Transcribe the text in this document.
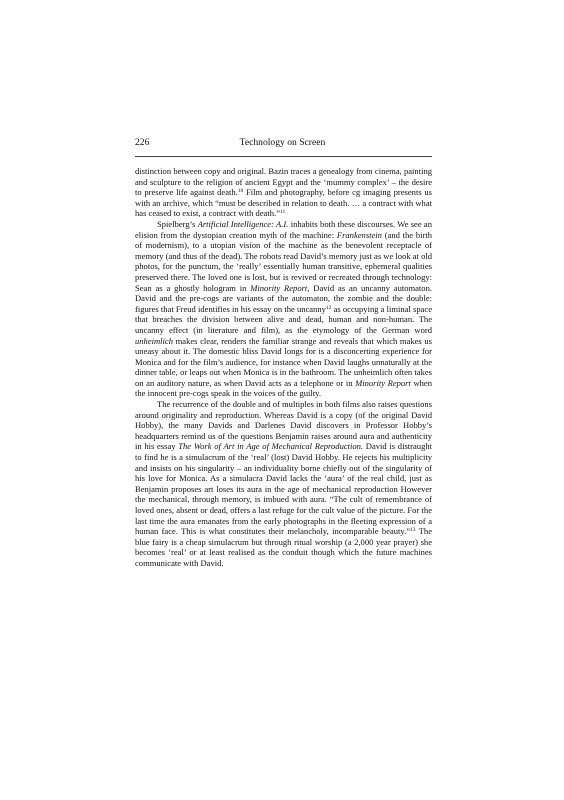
226	Technology on Screen

distinction between copy and original. Bazin traces a genealogy from cinema, painting and sculpture to the religion of ancient Egypt and the ‘mummy complex’ – the desire to preserve life against death.$^{10}$ Film and photography, before cg imaging presents us with an archive, which “must be described in relation to death. … a contract with what has ceased to exist, a contract with death.”$^{11}$

Spielberg’s Artificial Intelligence: A.I. inhabits both these discourses. We see an elision from the dystopian creation myth of the machine: Frankenstein (and the birth of modernism), to a utopian vision of the machine as the benevolent receptacle of memory (and thus of the dead). The robots read David’s memory just as we look at old photos, for the punctum, the ‘really’ essentially human transitive, ephemeral qualities preserved there. The loved one is lost, but is revived or recreated through technology: Sean as a ghostly hologram in Minority Report, David as an uncanny automaton. David and the pre-cogs are variants of the automaton, the zombie and the double: figures that Freud identifies in his essay on the uncanny$^{12}$ as occupying a liminal space that breaches the division between alive and dead, human and non-human. The uncanny effect (in literature and film), as the etymology of the German word unheimlich makes clear, renders the familiar strange and reveals that which makes us uneasy about it. The domestic bliss David longs for is a disconcerting experience for Monica and for the film’s audience, for instance when David laughs unnaturally at the dinner table, or leaps out when Monica is in the bathroom. The unheimlich often takes on an auditory nature, as when David acts as a telephone or in Minority Report when the innocent pre-cogs speak in the voices of the guilty.

The recurrence of the double and of multiples in both films also raises questions around originality and reproduction. Whereas David is a copy (of the original David Hobby), the many Davids and Darlenes David discovers in Professor Hobby’s headquarters remind us of the questions Benjamin raises around aura and authenticity in his essay The Work of Art in Age of Mechanical Reproduction. David is distraught to find he is a simulacrum of the ‘real’ (lost) David Hobby. He rejects his multiplicity and insists on his singularity – an individuality borne chiefly out of the singularity of his love for Monica. As a simulacra David lacks the ‘aura’ of the real child, just as Benjamin proposes art loses its aura in the age of mechanical reproduction However the mechanical, through memory, is imbued with aura. “The cult of remembrance of loved ones, absent or dead, offers a last refuge for the cult value of the picture. For the last time the aura emanates from the early photographs in the fleeting expression of a human face. This is what constitutes their melancholy, incomparable beauty.”$^{13}$ The blue fairy is a cheap simulacrum but through ritual worship (a 2,000 year prayer) she becomes ‘real’ or at least realised as the conduit though which the future machines communicate with David.
